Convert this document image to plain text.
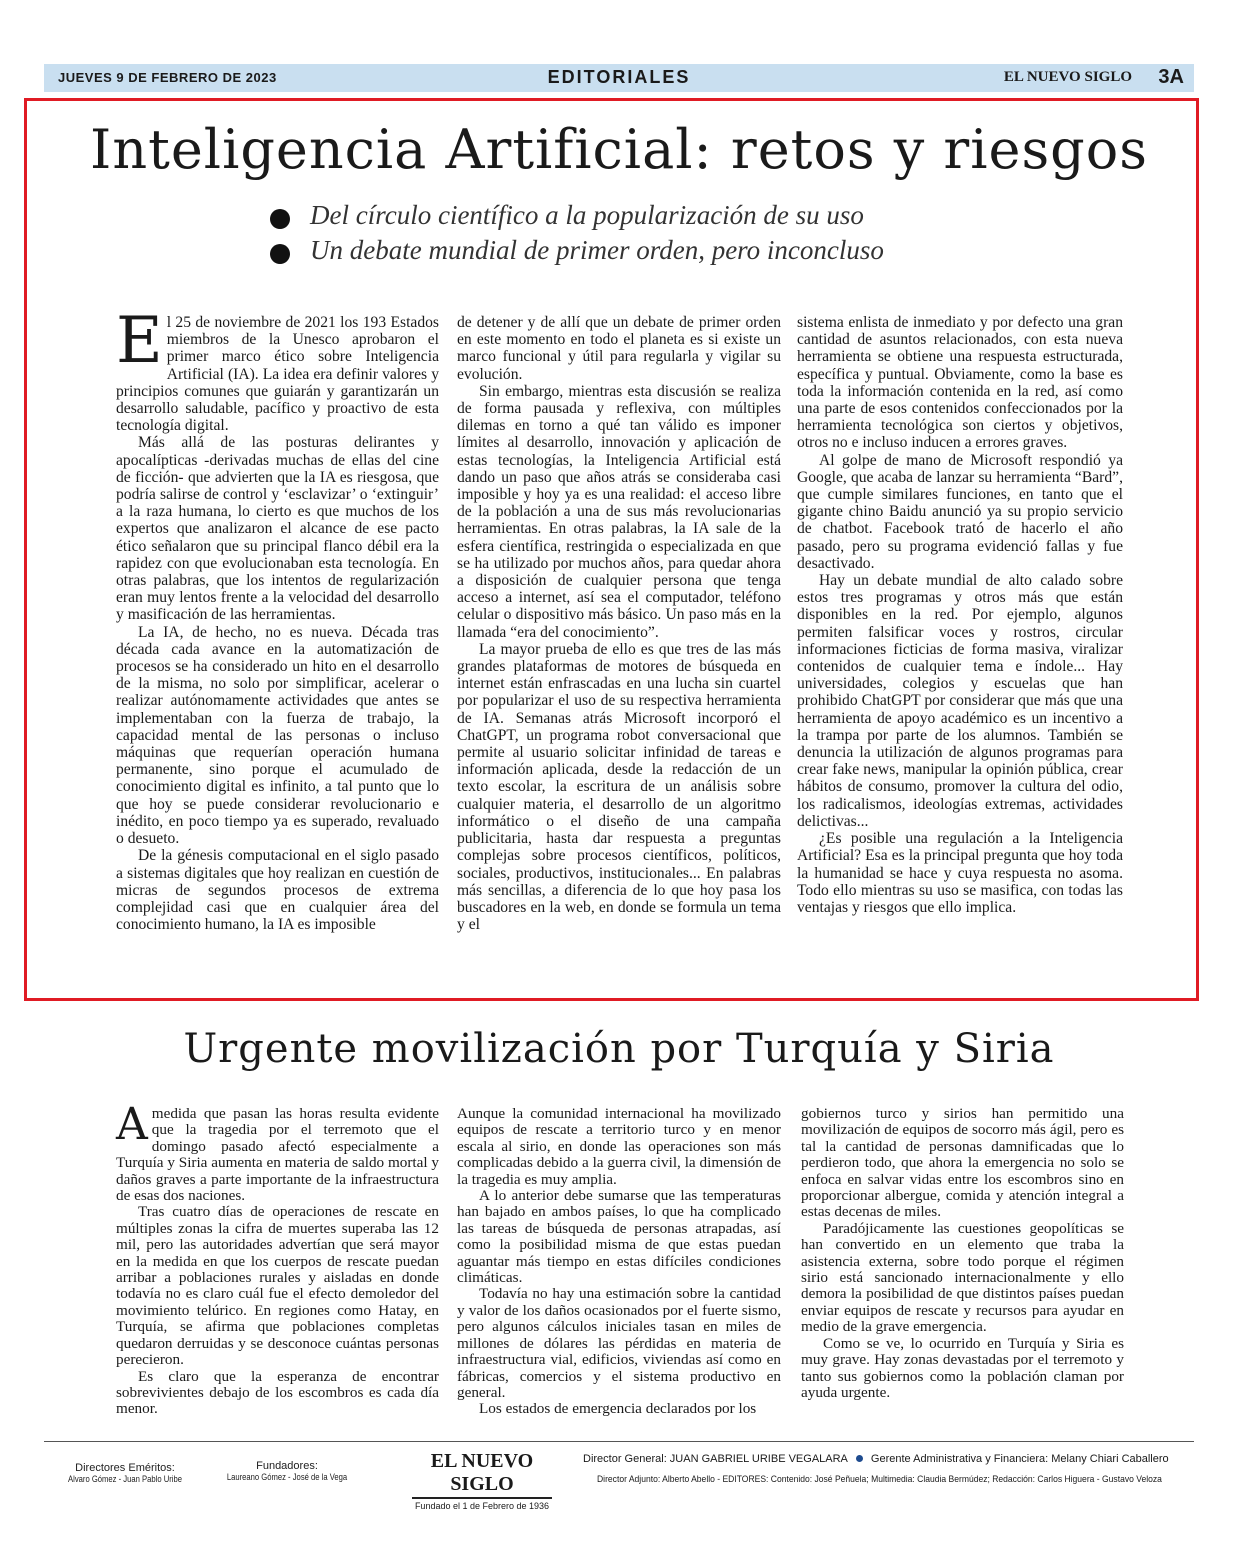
JUEVES 9 DE FEBRERO DE 2023	EDITORIALES	EL NUEVO SIGLO 3A
Inteligencia Artificial: retos y riesgos
Del círculo científico a la popularización de su uso
Un debate mundial de primer orden, pero inconcluso

El 25 de noviembre de 2021 los 193 Estados miembros de la Unesco aprobaron el primer marco ético sobre Inteligencia Artificial (IA). La idea era definir valores y principios comunes que guiarán y garantizarán un desarrollo saludable, pacífico y proactivo de esta tecnología digital.

Más allá de las posturas delirantes y apocalípticas -derivadas muchas de ellas del cine de ficción- que advierten que la IA es riesgosa, que podría salirse de control y ‘esclavizar’ o ‘extinguir’ a la raza humana, lo cierto es que muchos de los expertos que analizaron el alcance de ese pacto ético señalaron que su principal flanco débil era la rapidez con que evolucionaban esta tecnología. En otras palabras, que los intentos de regularización eran muy lentos frente a la velocidad del desarrollo y masificación de las herramientas.

La IA, de hecho, no es nueva. Década tras década cada avance en la automatización de procesos se ha considerado un hito en el desarrollo de la misma, no solo por simplificar, acelerar o realizar autónomamente actividades que antes se implementaban con la fuerza de trabajo, la capacidad mental de las personas o incluso máquinas que requerían operación humana permanente, sino porque el acumulado de conocimiento digital es infinito, a tal punto que lo que hoy se puede considerar revolucionario e inédito, en poco tiempo ya es superado, revaluado o desueto.

De la génesis computacional en el siglo pasado a sistemas digitales que hoy realizan en cuestión de micras de segundos procesos de extrema complejidad casi que en cualquier área del conocimiento humano, la IA es imposible

de detener y de allí que un debate de primer orden en este momento en todo el planeta es si existe un marco funcional y útil para regularla y vigilar su evolución.

Sin embargo, mientras esta discusión se realiza de forma pausada y reflexiva, con múltiples dilemas en torno a qué tan válido es imponer límites al desarrollo, innovación y aplicación de estas tecnologías, la Inteligencia Artificial está dando un paso que años atrás se consideraba casi imposible y hoy ya es una realidad: el acceso libre de la población a una de sus más revolucionarias herramientas. En otras palabras, la IA sale de la esfera científica, restringida o especializada en que se ha utilizado por muchos años, para quedar ahora a disposición de cualquier persona que tenga acceso a internet, así sea el computador, teléfono celular o dispositivo más básico. Un paso más en la llamada “era del conocimiento”.

La mayor prueba de ello es que tres de las más grandes plataformas de motores de búsqueda en internet están enfrascadas en una lucha sin cuartel por popularizar el uso de su respectiva herramienta de IA. Semanas atrás Microsoft incorporó el ChatGPT, un programa robot conversacional que permite al usuario solicitar infinidad de tareas e información aplicada, desde la redacción de un texto escolar, la escritura de un análisis sobre cualquier materia, el desarrollo de un algoritmo informático o el diseño de una campaña publicitaria, hasta dar respuesta a preguntas complejas sobre procesos científicos, políticos, sociales, productivos, institucionales... En palabras más sencillas, a diferencia de lo que hoy pasa los buscadores en la web, en donde se formula un tema y el

sistema enlista de inmediato y por defecto una gran cantidad de asuntos relacionados, con esta nueva herramienta se obtiene una respuesta estructurada, específica y puntual. Obviamente, como la base es toda la información contenida en la red, así como una parte de esos contenidos confeccionados por la herramienta tecnológica son ciertos y objetivos, otros no e incluso inducen a errores graves.

Al golpe de mano de Microsoft respondió ya Google, que acaba de lanzar su herramienta “Bard”, que cumple similares funciones, en tanto que el gigante chino Baidu anunció ya su propio servicio de chatbot. Facebook trató de hacerlo el año pasado, pero su programa evidenció fallas y fue desactivado.

Hay un debate mundial de alto calado sobre estos tres programas y otros más que están disponibles en la red. Por ejemplo, algunos permiten falsificar voces y rostros, circular informaciones ficticias de forma masiva, viralizar contenidos de cualquier tema e índole... Hay universidades, colegios y escuelas que han prohibido ChatGPT por considerar que más que una herramienta de apoyo académico es un incentivo a la trampa por parte de los alumnos. También se denuncia la utilización de algunos programas para crear fake news, manipular la opinión pública, crear hábitos de consumo, promover la cultura del odio, los radicalismos, ideologías extremas, actividades delictivas...

¿Es posible una regulación a la Inteligencia Artificial? Esa es la principal pregunta que hoy toda la humanidad se hace y cuya respuesta no asoma. Todo ello mientras su uso se masifica, con todas las ventajas y riesgos que ello implica.

Urgente movilización por Turquía y Siria

A medida que pasan las horas resulta evidente que la tragedia por el terremoto que el domingo pasado afectó especialmente a Turquía y Siria aumenta en materia de saldo mortal y daños graves a parte importante de la infraestructura de esas dos naciones.

Tras cuatro días de operaciones de rescate en múltiples zonas la cifra de muertes superaba las 12 mil, pero las autoridades advertían que será mayor en la medida en que los cuerpos de rescate puedan arribar a poblaciones rurales y aisladas en donde todavía no es claro cuál fue el efecto demoledor del movimiento telúrico. En regiones como Hatay, en Turquía, se afirma que poblaciones completas quedaron derruidas y se desconoce cuántas personas perecieron.

Es claro que la esperanza de encontrar sobrevivientes debajo de los escombros es cada día menor.

Aunque la comunidad internacional ha movilizado equipos de rescate a territorio turco y en menor escala al sirio, en donde las operaciones son más complicadas debido a la guerra civil, la dimensión de la tragedia es muy amplia.

A lo anterior debe sumarse que las temperaturas han bajado en ambos países, lo que ha complicado las tareas de búsqueda de personas atrapadas, así como la posibilidad misma de que estas puedan aguantar más tiempo en estas difíciles condiciones climáticas.

Todavía no hay una estimación sobre la cantidad y valor de los daños ocasionados por el fuerte sismo, pero algunos cálculos iniciales tasan en miles de millones de dólares las pérdidas en materia de infraestructura vial, edificios, viviendas así como en fábricas, comercios y el sistema productivo en general.

Los estados de emergencia declarados por los

gobiernos turco y sirios han permitido una movilización de equipos de socorro más ágil, pero es tal la cantidad de personas damnificadas que lo perdieron todo, que ahora la emergencia no solo se enfoca en salvar vidas entre los escombros sino en proporcionar albergue, comida y atención integral a estas decenas de miles.

Paradójicamente las cuestiones geopolíticas se han convertido en un elemento que traba la asistencia externa, sobre todo porque el régimen sirio está sancionado internacionalmente y ello demora la posibilidad de que distintos países puedan enviar equipos de rescate y recursos para ayudar en medio de la grave emergencia.

Como se ve, lo ocurrido en Turquía y Siria es muy grave. Hay zonas devastadas por el terremoto y tanto sus gobiernos como la población claman por ayuda urgente.

Directores Eméritos:
Alvaro Gómez - Juan Pablo Uribe
Fundadores:
Laureano Gómez - José de la Vega
EL NUEVO SIGLO
Fundado el 1 de Febrero de 1936
Director General: JUAN GABRIEL URIBE VEGALARA Gerente Administrativa y Financiera: Melany Chiari Caballero
Director Adjunto: Alberto Abello - EDITORES: Contenido: José Peñuela; Multimedia: Claudia Bermúdez; Redacción: Carlos Higuera - Gustavo Veloza
